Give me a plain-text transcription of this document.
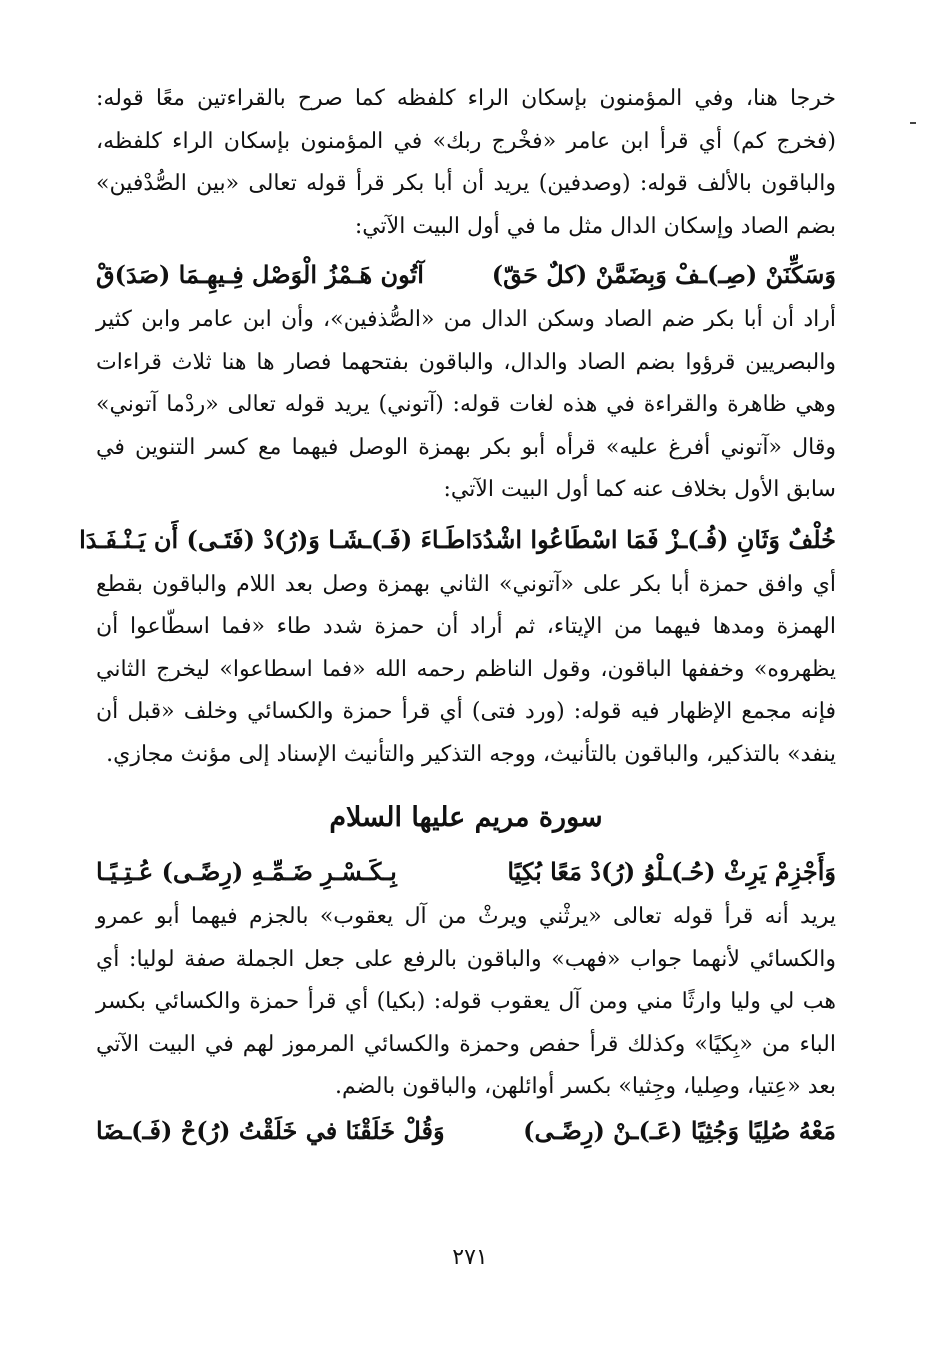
خرجا هنا، وفي المؤمنون بإسكان الراء كلفظه كما صرح بالقراءتين معًا قوله: (فخرج كم) أي قرأ ابن عامر «فخْرج ربك» في المؤمنون بإسكان الراء كلفظه، والباقون بالألف قوله: (وصدفين) يريد أن أبا بكر قرأ قوله تعالى «بين الصُّدْفين» بضم الصاد وإسكان الدال مثل ما في أول البيت الآتي:

وَسَكِّنَنْ (صِـ)ـفْ وَبِضَمَّنْ (كلٌ حَقّ)
آتُون هَـمْزُ الْوَصْل فِـيهِـمَا (صَدَ)قْ

أراد أن أبا بكر ضم الصاد وسكن الدال من «الصُّذفين»، وأن ابن عامر وابن كثير والبصريين قرؤوا بضم الصاد والدال، والباقون بفتحهما فصار ها هنا ثلاث قراءات وهي ظاهرة والقراءة في هذه لغات قوله: (آتوني) يريد قوله تعالى «ردْما آتوني» وقال «آتوني أفرغ عليه» قرأه أبو بكر بهمزة الوصل فيهما مع كسر التنوين في سابق الأول بخلاف عنه كما أول البيت الآتي:

خُلْفٌ وَثَانِ (فُـ)ـزْ فَمَا اسْطَاعُوا اشْدُدَا
طَـاءَ (فَـ)ـشَـا وَ(رُ)دْ (فَتَـى) أَن يَـنْـفَـدَا

أي وافق حمزة أبا بكر على «آتوني» الثاني بهمزة وصل بعد اللام والباقون بقطع الهمزة ومدها فيهما من الإيتاء، ثم أراد أن حمزة شدد طاء «فما اسطّاعوا أن يظهروه» وخففها الباقون، وقول الناظم رحمه الله «فما اسطاعوا» ليخرج الثاني فإنه مجمع الإظهار فيه قوله: (ورد فتى) أي قرأ حمزة والكسائي وخلف «قبل أن ينفد» بالتذكير، والباقون بالتأنيث، ووجه التذكير والتأنيث الإسناد إلى مؤنث مجازي.

سورة مريم عليها السلام
وَأَجْزِمْ يَرِثْ (حُـ)ـلْوُ (رُ)دْ مَعًا بُكِيًا
بِـكَـسْـرِ ضَـمِّـهِ (رِضًـى) عُـتِـيًـا

يريد أنه قرأ قوله تعالى «يرثْني ويرثْ من آل يعقوب» بالجزم فيهما أبو عمرو والكسائي لأنهما جواب «فهب» والباقون بالرفع على جعل الجملة صفة لوليا: أي هب لي وليا وارثًا مني ومن آل يعقوب قوله: (بكيا) أي قرأ حمزة والكسائي بكسر الباء من «بِكيًا» وكذلك قرأ حفص وحمزة والكسائي المرموز لهم في البيت الآتي بعد «عِتيا، وصِليا، وجِثيا» بكسر أوائلهن، والباقون بالضم.

مَعْهُ صُلِيًا وَجُثِيًا (عَـ)ـنْ (رِضًـى)
وَقُلْ خَلَقْنَا في خَلَقْتُ (رُ)حْ (فَـ)ـضَا
٢٧١
